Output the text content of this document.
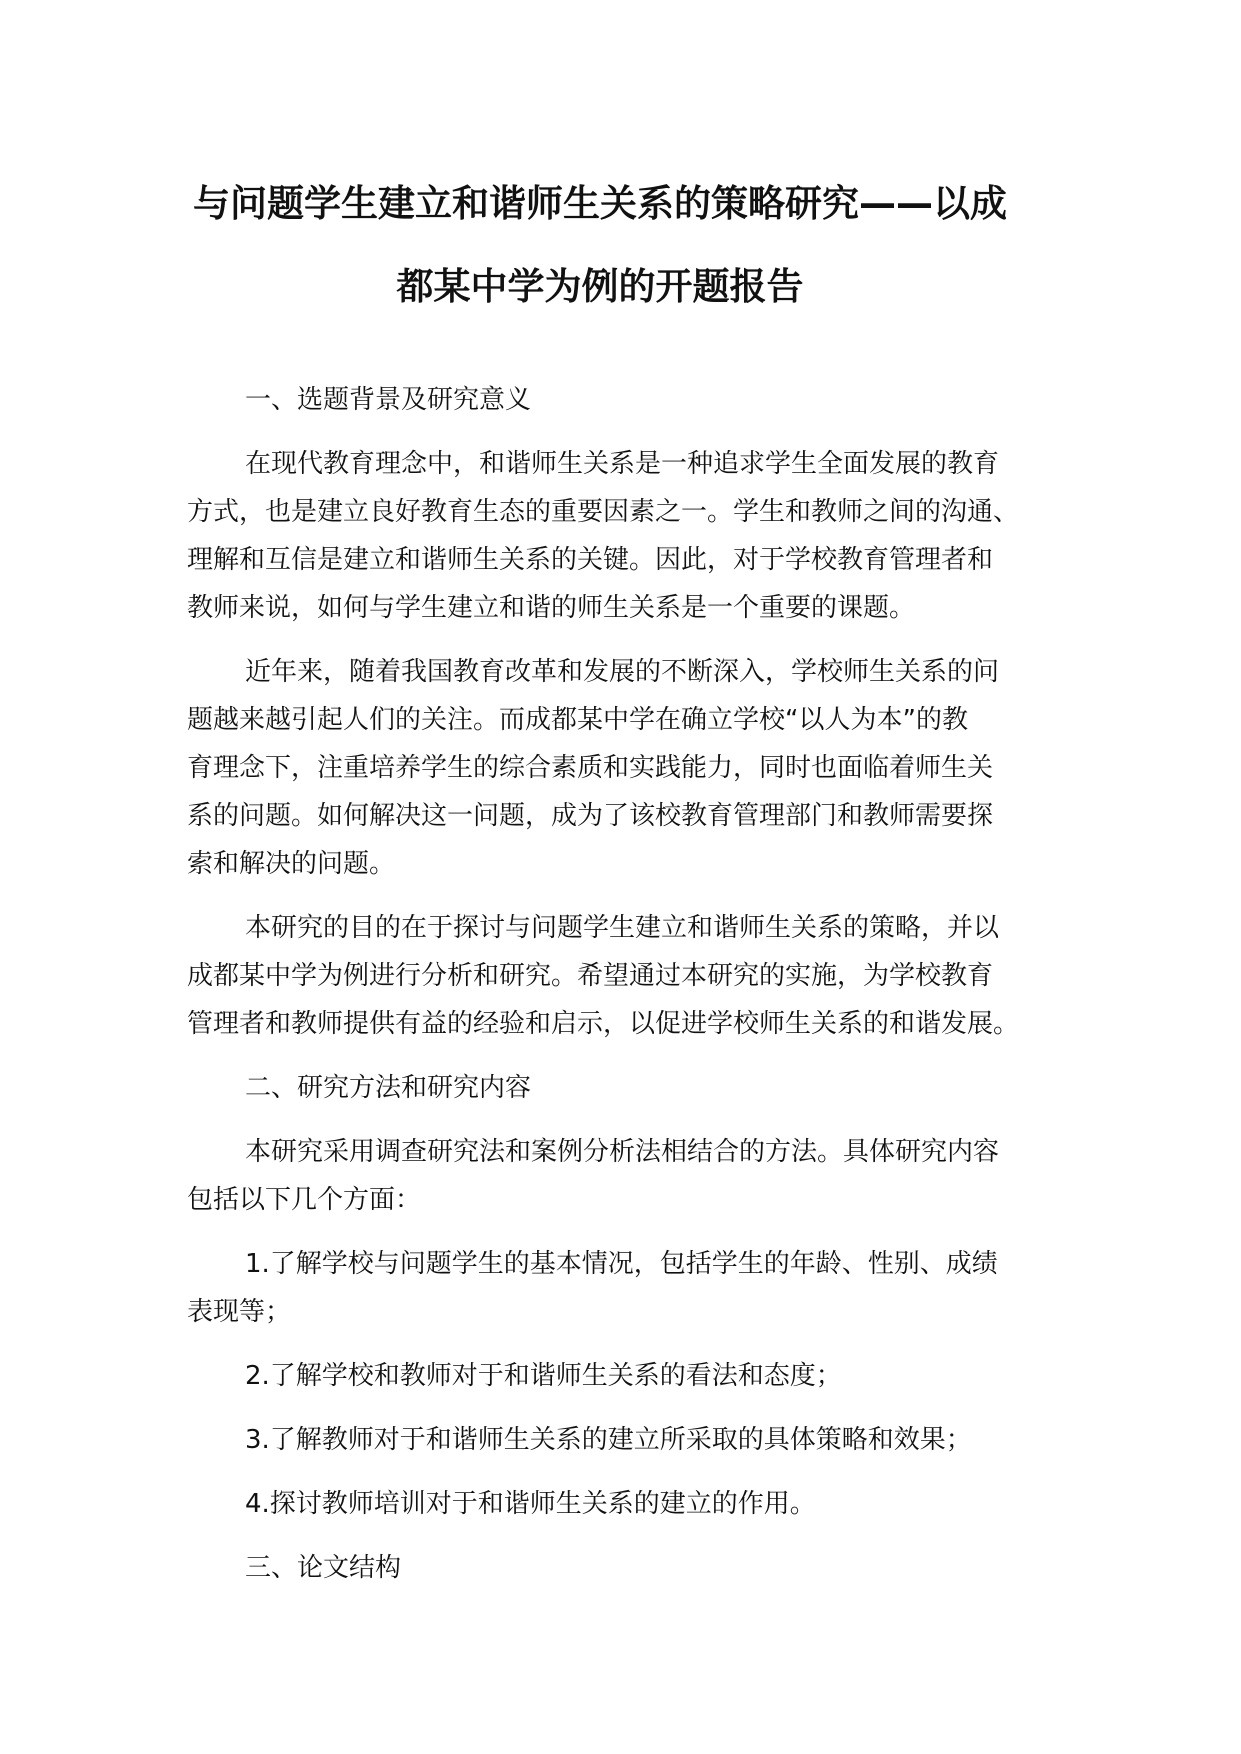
与问题学生建立和谐师生关系的策略研究——以成
都某中学为例的开题报告

一、选题背景及研究意义

在现代教育理念中，和谐师生关系是一种追求学生全面发展的教育
方式，也是建立良好教育生态的重要因素之一。学生和教师之间的沟通、
理解和互信是建立和谐师生关系的关键。因此，对于学校教育管理者和
教师来说，如何与学生建立和谐的师生关系是一个重要的课题。

近年来，随着我国教育改革和发展的不断深入，学校师生关系的问
题越来越引起人们的关注。而成都某中学在确立学校“以人为本”的教
育理念下，注重培养学生的综合素质和实践能力，同时也面临着师生关
系的问题。如何解决这一问题，成为了该校教育管理部门和教师需要探
索和解决的问题。

本研究的目的在于探讨与问题学生建立和谐师生关系的策略，并以
成都某中学为例进行分析和研究。希望通过本研究的实施，为学校教育
管理者和教师提供有益的经验和启示，以促进学校师生关系的和谐发展。

二、研究方法和研究内容

本研究采用调查研究法和案例分析法相结合的方法。具体研究内容
包括以下几个方面：

1.了解学校与问题学生的基本情况，包括学生的年龄、性别、成绩
表现等；

2.了解学校和教师对于和谐师生关系的看法和态度；

3.了解教师对于和谐师生关系的建立所采取的具体策略和效果；

4.探讨教师培训对于和谐师生关系的建立的作用。

三、论文结构
